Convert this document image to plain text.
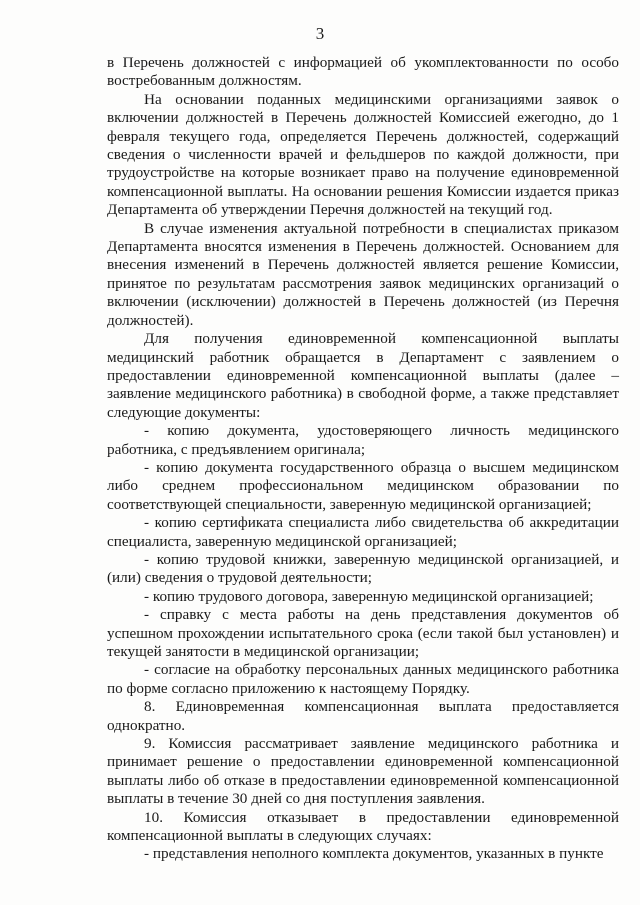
3

в Перечень должностей с информацией об укомплектованности по особо востребованным должностям.

На основании поданных медицинскими организациями заявок о включении должностей в Перечень должностей Комиссией ежегодно, до 1 февраля текущего года, определяется Перечень должностей, содержащий сведения о численности врачей и фельдшеров по каждой должности, при трудоустройстве на которые возникает право на получение единовременной компенсационной выплаты. На основании решения Комиссии издается приказ Департамента об утверждении Перечня должностей на текущий год.

В случае изменения актуальной потребности в специалистах приказом Департамента вносятся изменения в Перечень должностей. Основанием для внесения изменений в Перечень должностей является решение Комиссии, принятое по результатам рассмотрения заявок медицинских организаций о включении (исключении) должностей в Перечень должностей (из Перечня должностей).

Для получения единовременной компенсационной выплаты медицинский работник обращается в Департамент с заявлением о предоставлении единовременной компенсационной выплаты (далее – заявление медицинского работника) в свободной форме, а также представляет следующие документы:

- копию документа, удостоверяющего личность медицинского работника, с предъявлением оригинала;

- копию документа государственного образца о высшем медицинском либо среднем профессиональном медицинском образовании по соответствующей специальности, заверенную медицинской организацией;

- копию сертификата специалиста либо свидетельства об аккредитации специалиста, заверенную медицинской организацией;

- копию трудовой книжки, заверенную медицинской организацией, и (или) сведения о трудовой деятельности;

- копию трудового договора, заверенную медицинской организацией;

- справку с места работы на день представления документов об успешном прохождении испытательного срока (если такой был установлен) и текущей занятости в медицинской организации;

- согласие на обработку персональных данных медицинского работника по форме согласно приложению к настоящему Порядку.

8. Единовременная компенсационная выплата предоставляется однократно.

9. Комиссия рассматривает заявление медицинского работника и принимает решение о предоставлении единовременной компенсационной выплаты либо об отказе в предоставлении единовременной компенсационной выплаты в течение 30 дней со дня поступления заявления.

10. Комиссия отказывает в предоставлении единовременной компенсационной выплаты в следующих случаях:

- представления неполного комплекта документов, указанных в пункте
